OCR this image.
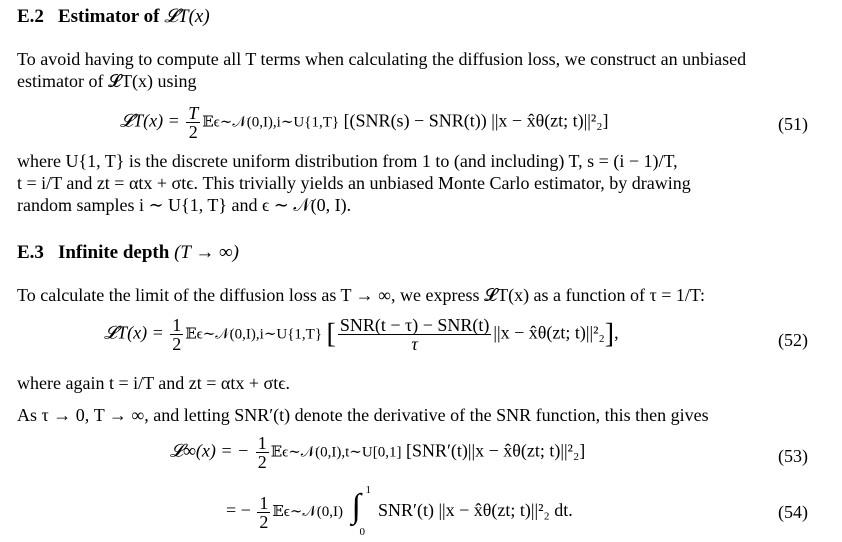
E.2 Estimator of 𝓛T(x)
To avoid having to compute all T terms when calculating the diffusion loss, we construct an unbiased
estimator of 𝓛T(x) using
𝓛T(x) = $\frac{T}{2}$ 𝔼ϵ∼𝒩(0,I),i∼U{1,T} [(SNR(s) − SNR(t)) ||x − x̂θ(zt; t)||²₂]	(51)
where U{1, T} is the discrete uniform distribution from 1 to (and including) T, s = (i − 1)/T,
t = i/T and zt = αtx + σtϵ. This trivially yields an unbiased Monte Carlo estimator, by drawing
random samples i ∼ U{1, T} and ϵ ∼ 𝒩(0, I).
E.3 Infinite depth (T → ∞)
To calculate the limit of the diffusion loss as T → ∞, we express 𝓛T(x) as a function of τ = 1/T:
𝓛T(x) = $\frac{1}{2}$ 𝔼ϵ∼𝒩(0,I),i∼U{1,T} [ $\frac{\text{SNR(t − τ) − SNR(t)}}{\tau} ||x$ − x̂θ(zt; t)||²₂],	(52)
where again t = i/T and zt = αtx + σtϵ.
As τ → 0, T → ∞, and letting SNR′(t) denote the derivative of the SNR function, this then gives
𝓛∞(x) = − $\frac{1}{2}$ 𝔼ϵ∼𝒩(0,I),t∼U[0,1] [SNR′(t)||x − x̂θ(zt; t)||²₂]	(53)
= − $\frac{1}{2}$ 𝔼ϵ∼𝒩(0,I) ∫ 1
0
SNR′(t) ||x − x̂θ(zt; t)||²₂ dt.	(54)
